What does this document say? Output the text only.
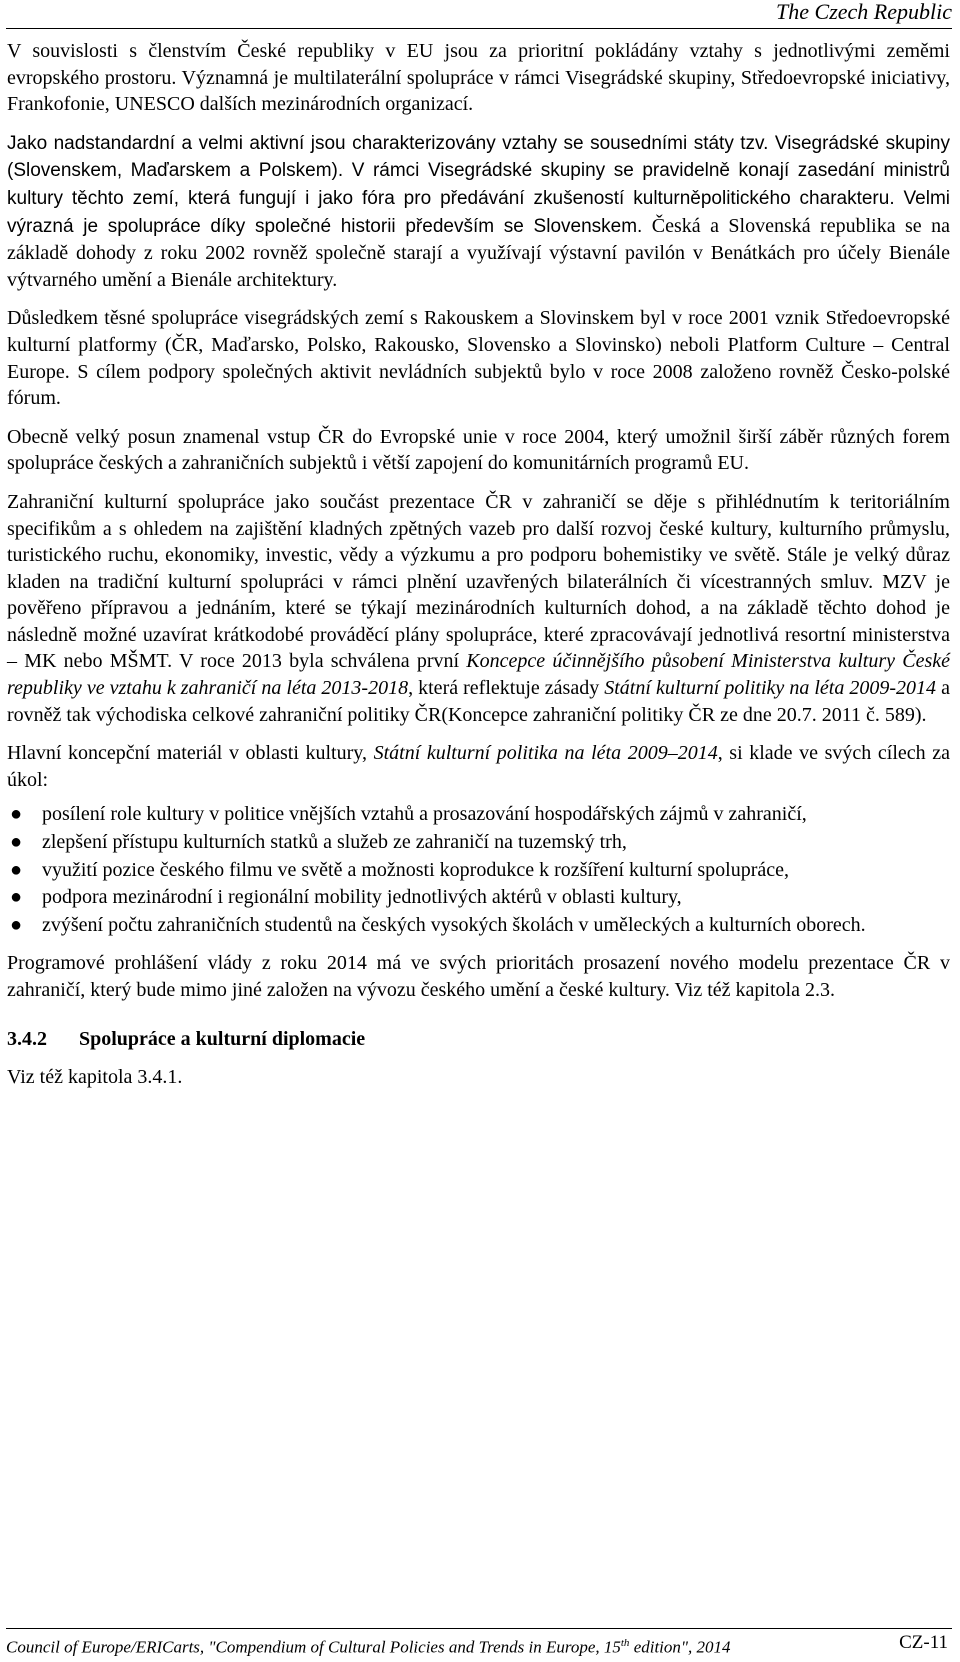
The Czech Republic

V souvislosti s členstvím České republiky v EU jsou za prioritní pokládány vztahy s jednotlivými zeměmi evropského prostoru. Významná je multilaterální spolupráce v rámci Visegrádské skupiny, Středoevropské iniciativy, Frankofonie, UNESCO dalších mezinárodních organizací.

Jako nadstandardní a velmi aktivní jsou charakterizovány vztahy se sousedními státy tzv. Visegrádské skupiny (Slovenskem, Maďarskem a Polskem). V rámci Visegrádské skupiny se pravidelně konají zasedání ministrů kultury těchto zemí, která fungují i jako fóra pro předávání zkušeností kulturněpolitického charakteru. Velmi výrazná je spolupráce díky společné historii především se Slovenskem. Česká a Slovenská republika se na základě dohody z roku 2002 rovněž společně starají a využívají výstavní pavilón v Benátkách pro účely Bienále výtvarného umění a Bienále architektury.

Důsledkem těsné spolupráce visegrádských zemí s Rakouskem a Slovinskem byl v roce 2001 vznik Středoevropské kulturní platformy (ČR, Maďarsko, Polsko, Rakousko, Slovensko a Slovinsko) neboli Platform Culture – Central Europe. S cílem podpory společných aktivit nevládních subjektů bylo v roce 2008 založeno rovněž Česko-polské fórum.

Obecně velký posun znamenal vstup ČR do Evropské unie v roce 2004, který umožnil širší záběr různých forem spolupráce českých a zahraničních subjektů i větší zapojení do komunitárních programů EU.

Zahraniční kulturní spolupráce jako součást prezentace ČR v zahraničí se děje s přihlédnutím k teritoriálním specifikům a s ohledem na zajištění kladných zpětných vazeb pro další rozvoj české kultury, kulturního průmyslu, turistického ruchu, ekonomiky, investic, vědy a výzkumu a pro podporu bohemistiky ve světě. Stále je velký důraz kladen na tradiční kulturní spolupráci v rámci plnění uzavřených bilaterálních či vícestranných smluv. MZV je pověřeno přípravou a jednáním, které se týkají mezinárodních kulturních dohod, a na základě těchto dohod je následně možné uzavírat krátkodobé prováděcí plány spolupráce, které zpracovávají jednotlivá resortní ministerstva – MK nebo MŠMT. V roce 2013 byla schválena první Koncepce účinnějšího působení Ministerstva kultury České republiky ve vztahu k zahraničí na léta 2013-2018, která reflektuje zásady Státní kulturní politiky na léta 2009-2014 a rovněž tak východiska celkové zahraniční politiky ČR(Koncepce zahraniční politiky ČR ze dne 20.7. 2011 č. 589).

Hlavní koncepční materiál v oblasti kultury, Státní kulturní politika na léta 2009–2014, si klade ve svých cílech za úkol:

● posílení role kultury v politice vnějších vztahů a prosazování hospodářských zájmů v zahraničí,
● zlepšení přístupu kulturních statků a služeb ze zahraničí na tuzemský trh,
● využití pozice českého filmu ve světě a možnosti koprodukce k rozšíření kulturní spolupráce,
● podpora mezinárodní i regionální mobility jednotlivých aktérů v oblasti kultury,
● zvýšení počtu zahraničních studentů na českých vysokých školách v uměleckých a kulturních oborech.

Programové prohlášení vlády z roku 2014 má ve svých prioritách prosazení nového modelu prezentace ČR v zahraničí, který bude mimo jiné založen na vývozu českého umění a české kultury. Viz též kapitola 2.3.

3.4.2 Spolupráce a kulturní diplomacie

Viz též kapitola 3.4.1.

Council of Europe/ERICarts, "Compendium of Cultural Policies and Trends in Europe, 15th edition", 2014	CZ-11
